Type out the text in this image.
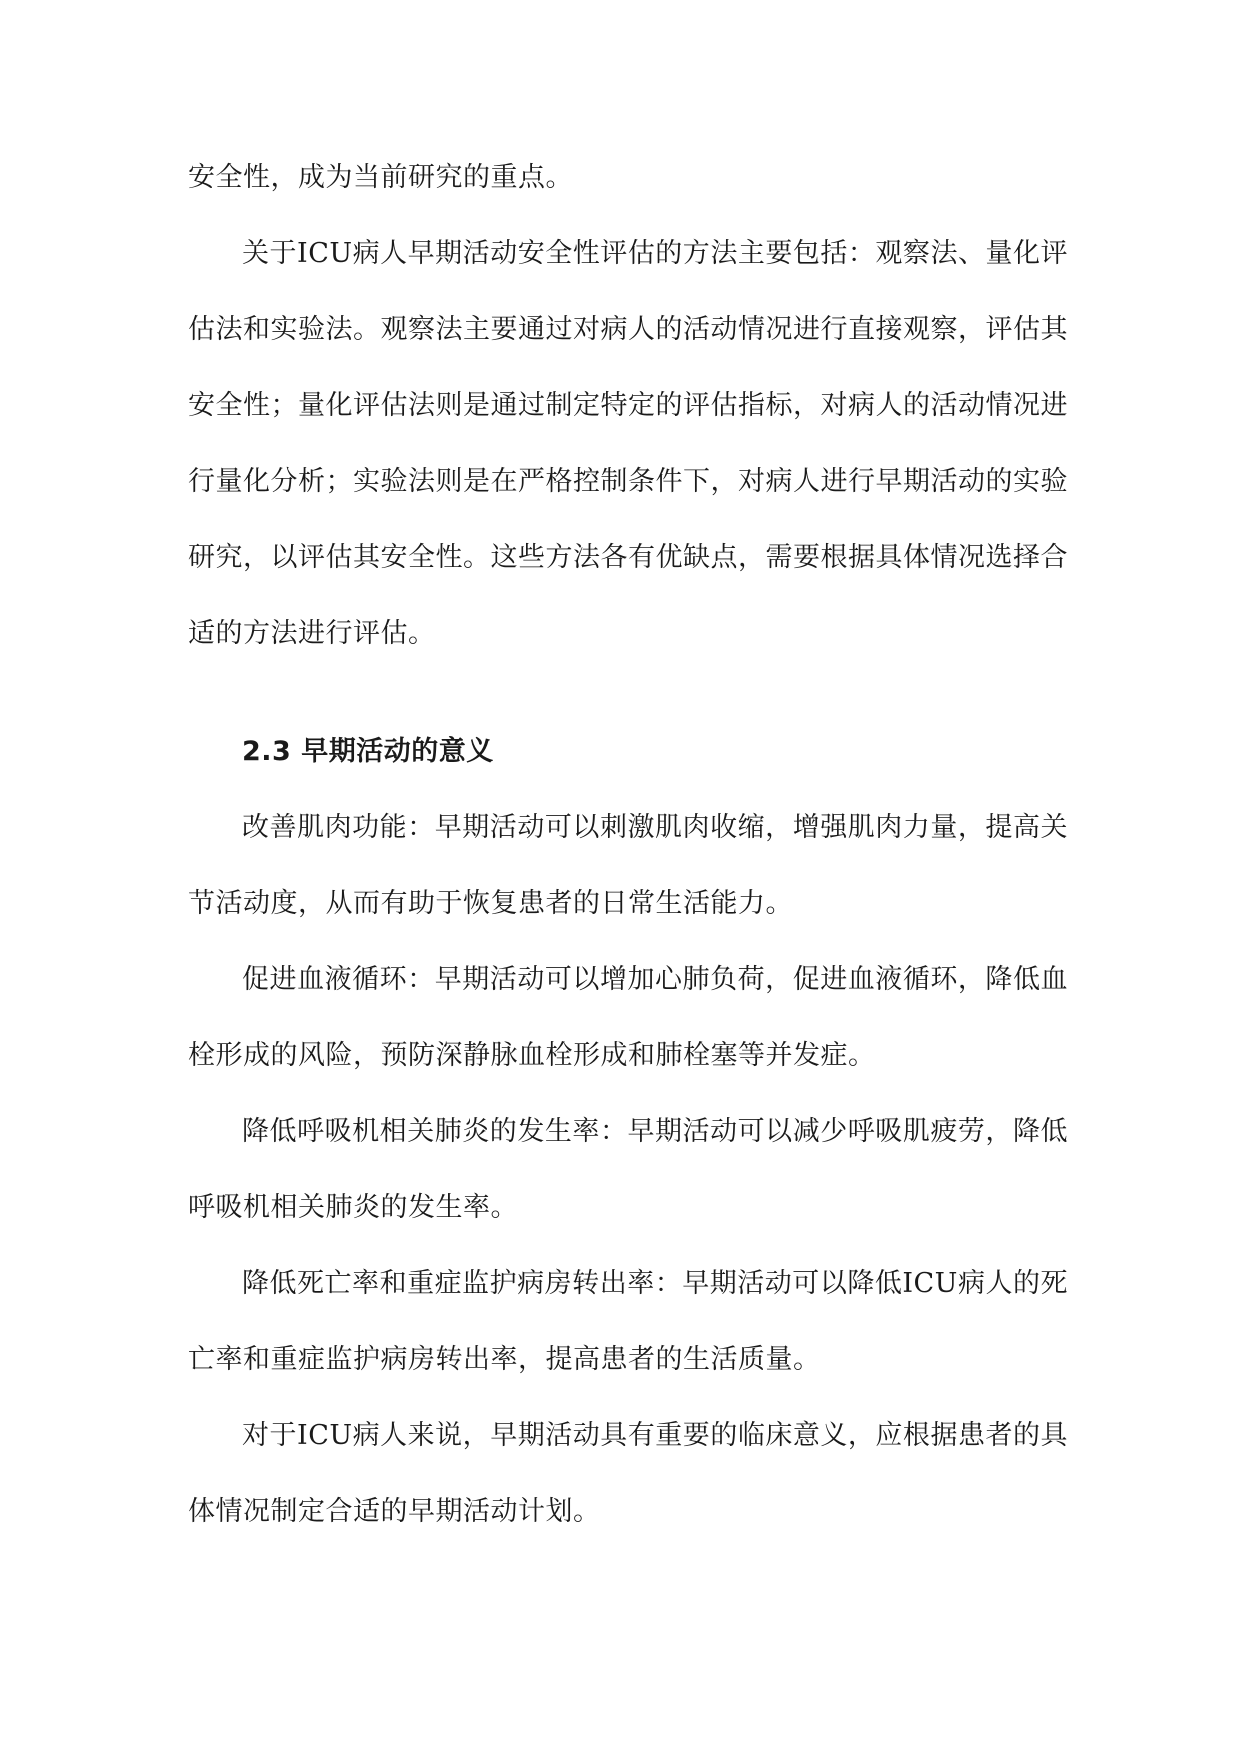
安全性，成为当前研究的重点。

关于ICU病人早期活动安全性评估的方法主要包括：观察法、量化评估法和实验法。观察法主要通过对病人的活动情况进行直接观察，评估其安全性；量化评估法则是通过制定特定的评估指标，对病人的活动情况进行量化分析；实验法则是在严格控制条件下，对病人进行早期活动的实验研究，以评估其安全性。这些方法各有优缺点，需要根据具体情况选择合适的方法进行评估。

2.3 早期活动的意义

改善肌肉功能：早期活动可以刺激肌肉收缩，增强肌肉力量，提高关节活动度，从而有助于恢复患者的日常生活能力。

促进血液循环：早期活动可以增加心肺负荷，促进血液循环，降低血栓形成的风险，预防深静脉血栓形成和肺栓塞等并发症。

降低呼吸机相关肺炎的发生率：早期活动可以减少呼吸肌疲劳，降低呼吸机相关肺炎的发生率。

降低死亡率和重症监护病房转出率：早期活动可以降低ICU病人的死亡率和重症监护病房转出率，提高患者的生活质量。

对于ICU病人来说，早期活动具有重要的临床意义，应根据患者的具体情况制定合适的早期活动计划。
